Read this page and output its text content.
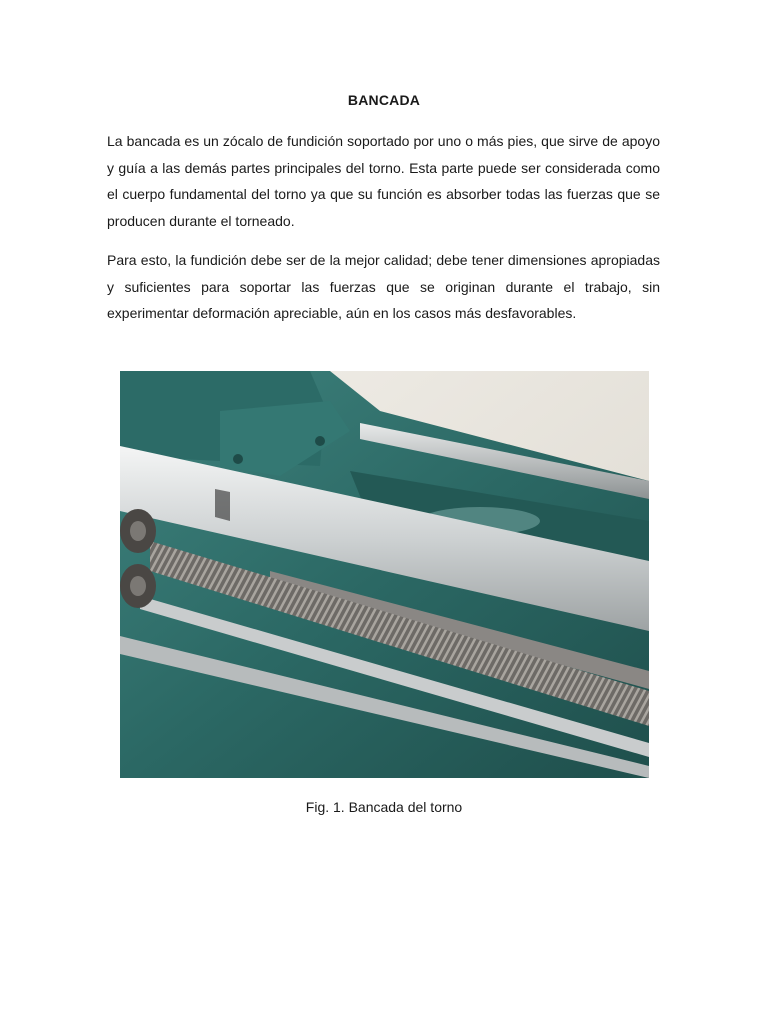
BANCADA

La bancada es un zócalo de fundición soportado por uno o más pies, que sirve de apoyo y guía a las demás partes principales del torno. Esta parte puede ser considerada como el cuerpo fundamental del torno ya que su función es absorber todas las fuerzas que se producen durante el torneado.

Para esto, la fundición debe ser de la mejor calidad; debe tener dimensiones apropiadas y suficientes para soportar las fuerzas que se originan durante el trabajo, sin experimentar deformación apreciable, aún en los casos más desfavorables.

Fig. 1. Bancada del torno
